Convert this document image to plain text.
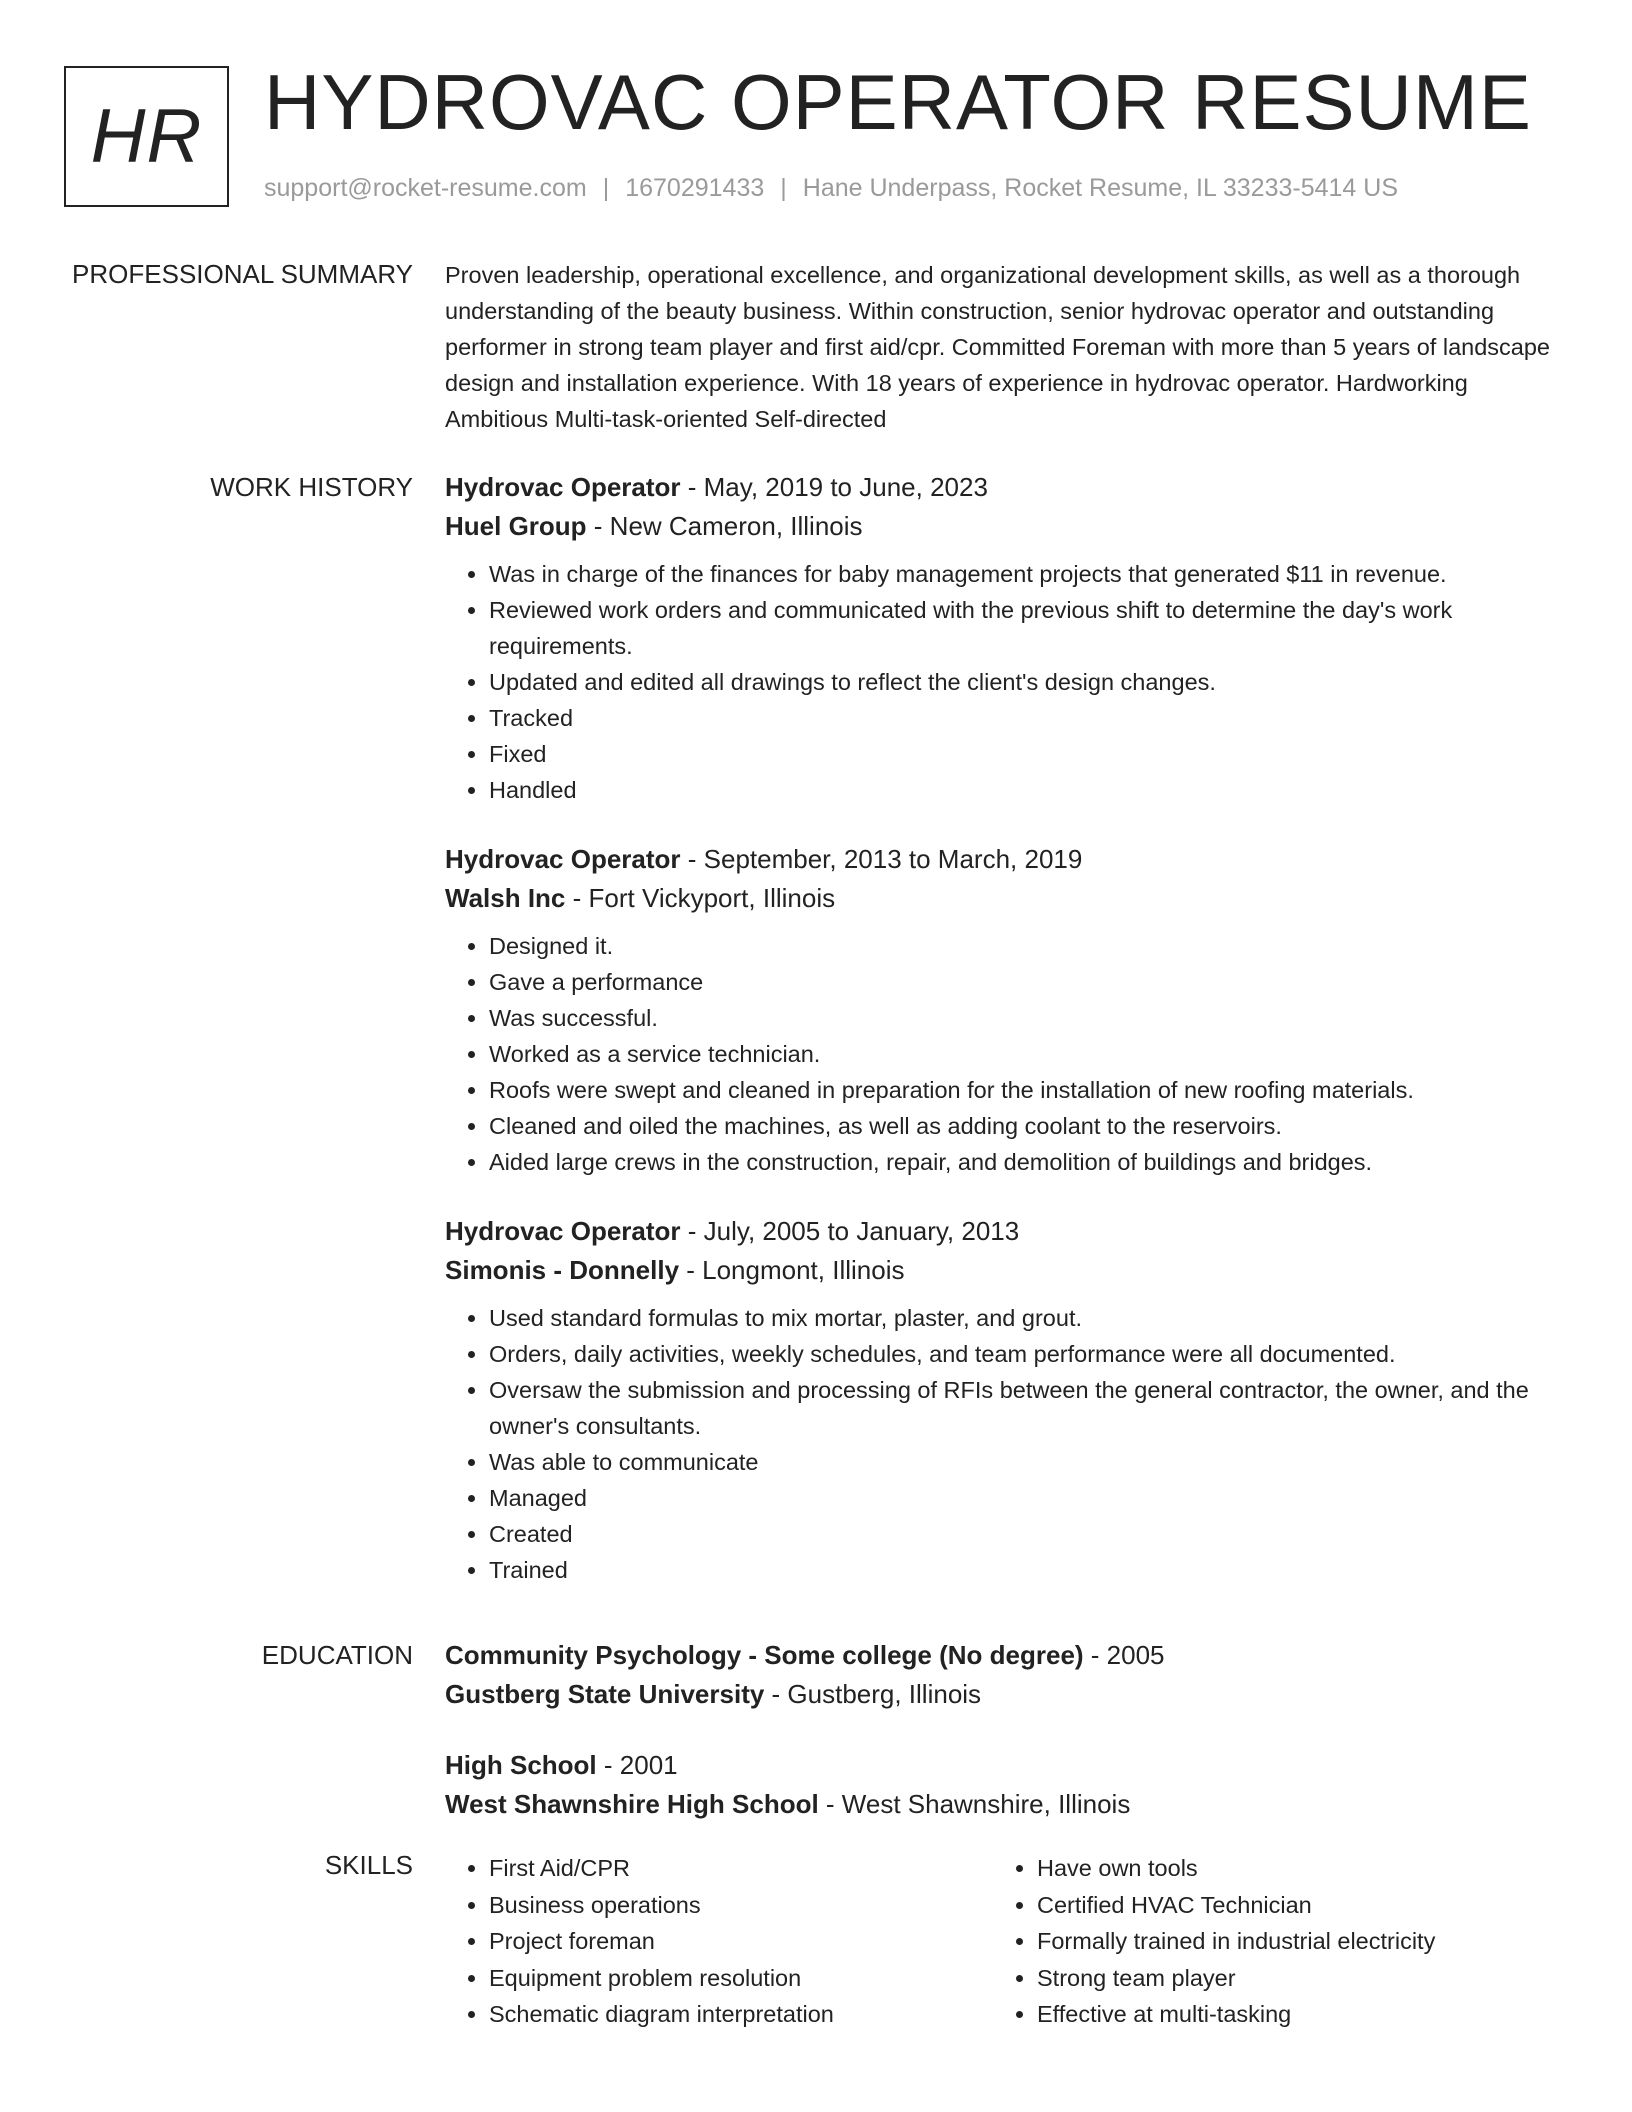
HR HYDROVAC OPERATOR RESUME
support@rocket-resume.com | 1670291433 | Hane Underpass, Rocket Resume, IL 33233-5414 US
PROFESSIONAL SUMMARY Proven leadership, operational excellence, and organizational development skills, as well as a thorough understanding of the beauty business. Within construction, senior hydrovac operator and outstanding performer in strong team player and first aid/cpr. Committed Foreman with more than 5 years of landscape design and installation experience. With 18 years of experience in hydrovac operator. Hardworking Ambitious Multi-task-oriented Self-directed

WORK HISTORY Hydrovac Operator - May, 2019 to June, 2023
Huel Group - New Cameron, Illinois
• Was in charge of the finances for baby management projects that generated $11 in revenue.
• Reviewed work orders and communicated with the previous shift to determine the day's work requirements.
• Updated and edited all drawings to reflect the client's design changes.
• Tracked
• Fixed
• Handled
Hydrovac Operator - September, 2013 to March, 2019
Walsh Inc - Fort Vickyport, Illinois
• Designed it.
• Gave a performance
• Was successful.
• Worked as a service technician.
• Roofs were swept and cleaned in preparation for the installation of new roofing materials.
• Cleaned and oiled the machines, as well as adding coolant to the reservoirs.
• Aided large crews in the construction, repair, and demolition of buildings and bridges.
Hydrovac Operator - July, 2005 to January, 2013
Simonis - Donnelly - Longmont, Illinois
• Used standard formulas to mix mortar, plaster, and grout.
• Orders, daily activities, weekly schedules, and team performance were all documented.
• Oversaw the submission and processing of RFIs between the general contractor, the owner, and the owner's consultants.
• Was able to communicate
• Managed
• Created
• Trained
EDUCATION Community Psychology - Some college (No degree) - 2005
Gustberg State University - Gustberg, Illinois
High School - 2001
West Shawnshire High School - West Shawnshire, Illinois
SKILLS
•	First Aid/CPR
• Business operations
• Project foreman
• Equipment problem resolution
• Schematic diagram interpretation
• Have own tools
• Certified HVAC Technician
• Formally trained in industrial electricity
• Strong team player
• Effective at multi-tasking
